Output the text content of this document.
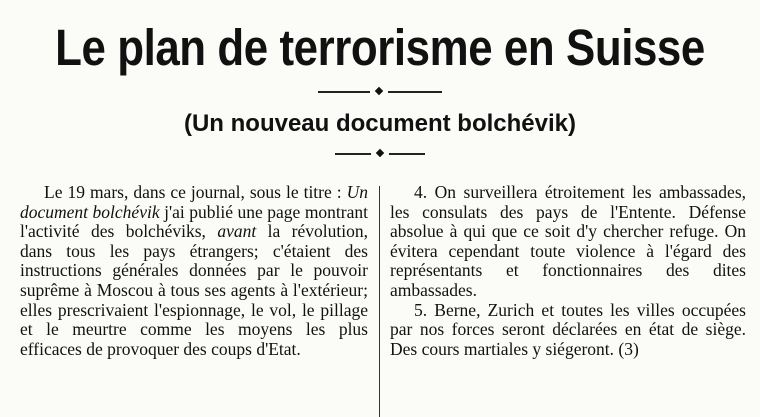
Le plan de terrorisme en Suisse
(Un nouveau document bolchévik)

Le 19 mars, dans ce journal, sous le titre : Un document bolchévik j'ai publié une page montrant l'activité des bolchéviks, avant la révolution, dans tous les pays étrangers; c'étaient des instructions générales données par le pouvoir suprême à Moscou à tous ses agents à l'extérieur; elles prescrivaient l'espionnage, le vol, le pillage et le meurtre comme les moyens les plus efficaces de provoquer des coups d'Etat.

4. On surveillera étroitement les ambassades, les consulats des pays de l'Entente. Défense absolue à qui que ce soit d'y chercher refuge. On évitera cependant toute violence à l'égard des représentants et fonctionnaires des dites ambassades.

5. Berne, Zurich et toutes les villes occupées par nos forces seront déclarées en état de siège. Des cours martiales y siégeront. (3)
